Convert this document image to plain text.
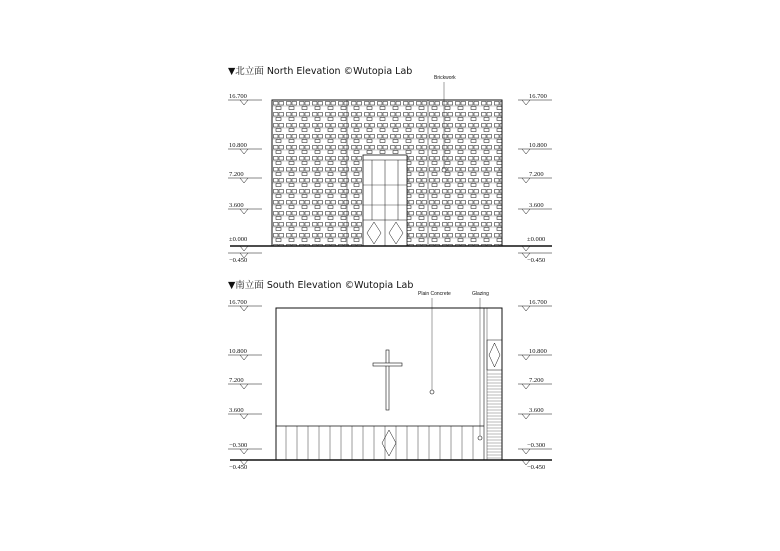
▼北立面 North Elevation ©Wutopia Lab
▼南立面 South Elevation ©Wutopia Lab
Brickwork
Plain Concrete	Glazing
16.700
10.800
7.200
3.600
±0.000
−0.450
16.700
10.800
7.200
3.600
±0.000
−0.450
16.700
10.800
7.200
3.600
−0.300
−0.450
16.700
10.800
7.200
3.600
−0.300
−0.450
